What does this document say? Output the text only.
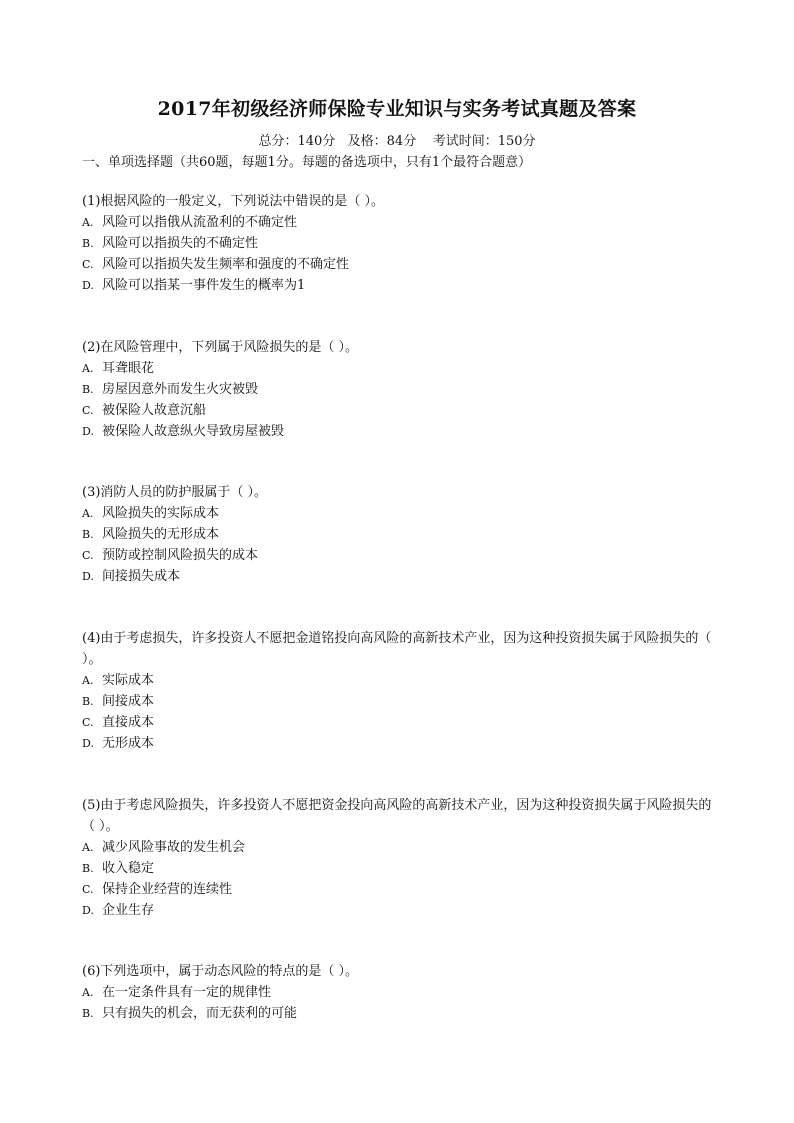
2017年初级经济师保险专业知识与实务考试真题及答案
总分：140分   及格：84分    考试时间：150分
一、单项选择题（共60题，每题1分。每题的备选项中，只有1个最符合题意）

(1)根据风险的一般定义，下列说法中错误的是（ ）。

A. 风险可以指俄从流盈利的不确定性

B. 风险可以指损失的不确定性

C. 风险可以指损失发生频率和强度的不确定性

D. 风险可以指某一事件发生的概率为1

(2)在风险管理中，下列属于风险损失的是（ ）。

A. 耳聋眼花

B. 房屋因意外而发生火灾被毁

C. 被保险人故意沉船

D. 被保险人故意纵火导致房屋被毁

(3)消防人员的防护服属于（ ）。

A. 风险损失的实际成本

B. 风险损失的无形成本

C. 预防或控制风险损失的成本

D. 间接损失成本

(4)由于考虑损失，许多投资人不愿把金道铭投向高风险的高新技术产业，因为这种投资损失属于风险损失的（ ）。

A. 实际成本

B. 间接成本

C. 直接成本

D. 无形成本

(5)由于考虑风险损失，许多投资人不愿把资金投向高风险的高新技术产业，因为这种投资损失属于风险损失的（ ）。

A. 减少风险事故的发生机会

B. 收入稳定

C. 保持企业经营的连续性

D. 企业生存

(6)下列选项中，属于动态风险的特点的是（ ）。

A. 在一定条件具有一定的规律性

B. 只有损失的机会，而无获利的可能
